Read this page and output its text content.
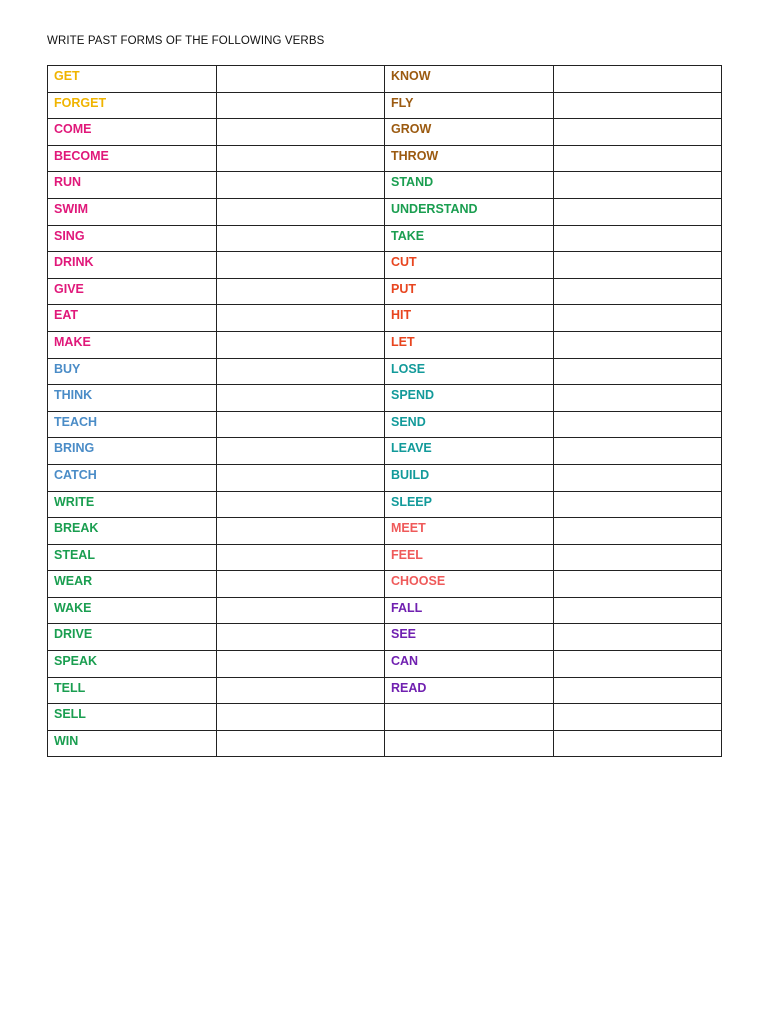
WRITE PAST FORMS OF THE FOLLOWING VERBS
GET		KNOW	
FORGET		FLY	
COME		GROW	
BECOME		THROW	
RUN		STAND	
SWIM		UNDERSTAND	
SING		TAKE	
DRINK		CUT	
GIVE		PUT	
EAT		HIT	
MAKE		LET	
BUY		LOSE	
THINK		SPEND	
TEACH		SEND	
BRING		LEAVE	
CATCH		BUILD	
WRITE		SLEEP	
BREAK		MEET	
STEAL		FEEL	
WEAR		CHOOSE	
WAKE		FALL	
DRIVE		SEE	
SPEAK		CAN	
TELL		READ	
SELL			
WIN			
